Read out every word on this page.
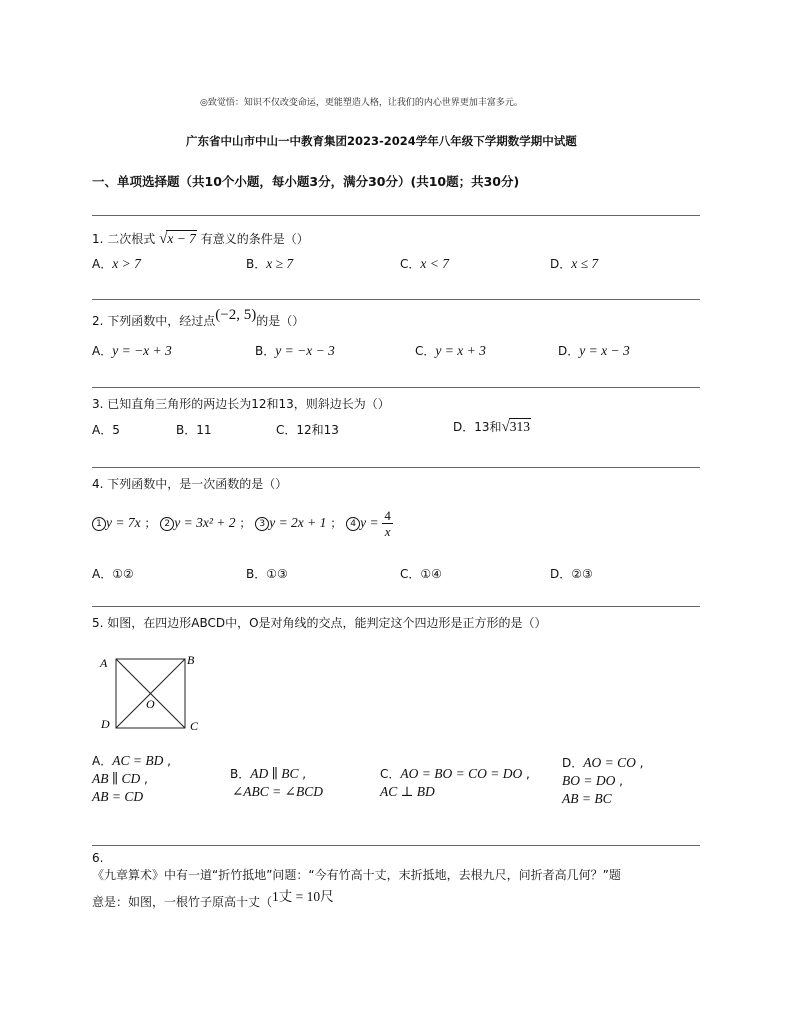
◎致觉悟：知识不仅改变命运，更能塑造人格，让我们的内心世界更加丰富多元。
广东省中山市中山一中教育集团2023-2024学年八年级下学期数学期中试题
一、单项选择题（共10个小题，每小题3分，满分30分）(共10题；共30分)
1. 二次根式 √x − 7 有意义的条件是（）
A．x > 7	B．x ≥ 7	C．x < 7	D．x ≤ 7
2. 下列函数中，经过点(−2, 5)的是（）
A．y = −x + 3	B．y = −x − 3	C．y = x + 3	D．y = x − 3
3. 已知直角三角形的两边长为12和13，则斜边长为（）
A．5	B．11	C．12和13	D．13和√313
4. 下列函数中，是一次函数的是（）
1 y = 7x ； 2 y = 3x² + 2 ； 3 y = 2x + 1 ； 4 $y = \frac{4}{x}$
A．①②	B．①③	C．①④	D．②③
5. 如图，在四边形ABCD中，O是对角线的交点，能判定这个四边形是正方形的是（）
A	B
C
D
O
A．AC = BD ,
AB ∥ CD ,
AB = CD
B．AD ∥ BC ,
∠ABC = ∠BCD
C．AO = BO = CO = DO ,
AC ⊥ BD
D．AO = CO ,
BO = DO ,
AB = BC
6.
《九章算术》中有一道“折竹抵地”问题：“今有竹高十丈，末折抵地，去根九尺，问折者高几何？”题
意是：如图，一根竹子原高十丈（1丈 = 10尺
